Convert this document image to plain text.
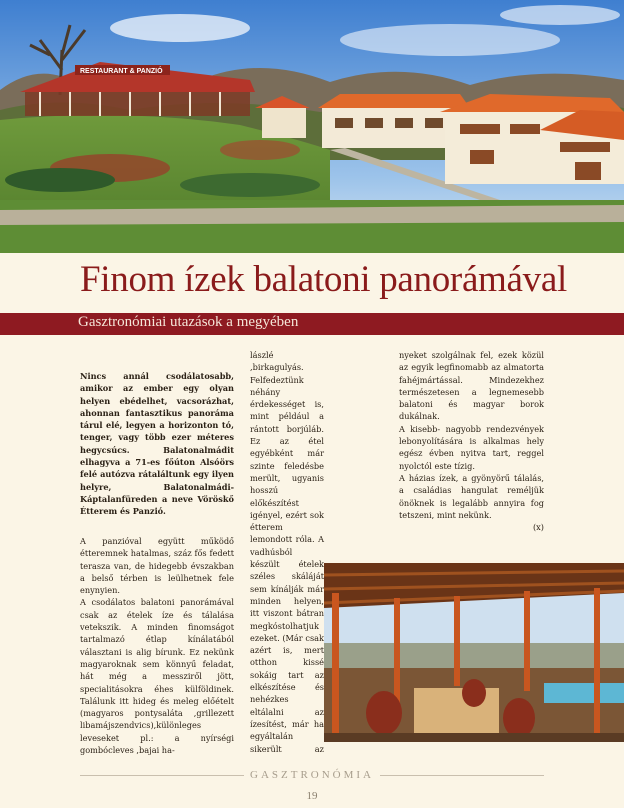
RESTAURANT & PANZIÓ
Finom ízek balatoni panorámával
Gasztronómiai utazások a megyében

Nincs annál csodálatosabb, amikor az ember egy olyan helyen ebédelhet, vacsorázhat, ahonnan fantasztikus panoráma tárul elé, legyen a horizonton tó, tenger, vagy több ezer méteres hegycsúcs. Balatonalmádit elhagyva a 71-es főúton Alsóörs felé autózva rátaláltunk egy ilyen helyre, Balatonalmádi-Káptalanfüreden a neve Vöröskő Étterem és Panzió.

A panzióval együtt működő étteremnek hatalmas, száz fős fedett terasza van, de hidegebb évszakban a belső térben is leülhetnek fele enynyien.

A csodálatos balatoni panorámával csak az ételek íze és tálalása vetekszik. A minden finomságot tartalmazó étlap kínálatából választani is alig bírunk. Ez nekünk magyaroknak sem könnyű feladat, hát még a messziről jött, specialitásokra éhes külföldinek. Találunk itt hideg és meleg előételt (magyaros pontysaláta ,grillezett libamájszendvics),különleges leveseket pl.: a nyírségi gombócleves ,bajai ha-

lászlé ,birkagulyás. Felfedeztünk néhány érdekességet is, mint például a rántott borjúláb. Ez az étel egyébként már szinte feledésbe merült, ugyanis hosszú előkészítést igényel, ezért sok étterem lemondott róla. A vadhúsból készült ételek széles skáláját sem kínálják már minden helyen, itt viszont bátran megkóstolhatjuk ezeket. (Már csak azért is, mert otthon kissé sokáig tart az elkészítése és nehézkes eltálalni az ízesítést, már ha egyáltalán sikerült az

nyeket szolgálnak fel, ezek közül az egyik legfinomabb az almatorta fahéjmártással. Mindezekhez természetesen a legnemesebb balatoni és magyar borok dukálnak.

A kisebb- nagyobb rendezvények lebonyolítására is alkalmas hely egész évben nyitva tart, reggel nyolctól este tízig.

A házias ízek, a gyönyörű tálalás, a családias hangulat reméljük önöknek is legalább annyira fog tetszeni, mint nekünk.

(x)

GASZTRONÓMIA
19
